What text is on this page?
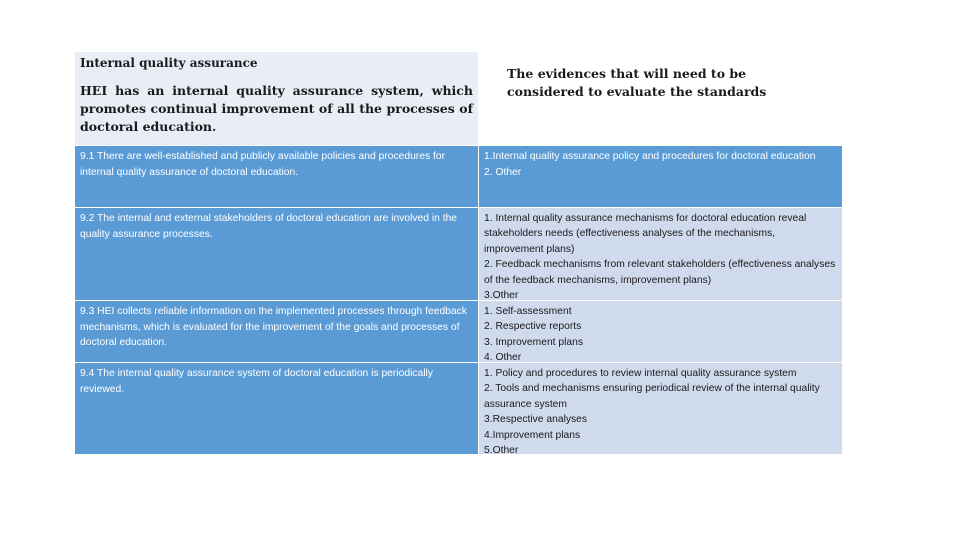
Internal quality assurance
HEI has an internal quality assurance system, which promotes continual improvement of all the processes of doctoral education.
The evidences that will need to be considered to evaluate the standards
9.1 There are well-established and publicly available policies and procedures for internal quality assurance of doctoral education.
1.Internal quality assurance policy and procedures for doctoral education
2. Other
9.2 The internal and external stakeholders of doctoral education are involved in the quality assurance processes.
1. Internal quality assurance mechanisms for doctoral education reveal stakeholders needs (effectiveness analyses of the mechanisms, improvement plans)
2. Feedback mechanisms from relevant stakeholders (effectiveness analyses of the feedback mechanisms, improvement plans)
3.Other
9.3 HEI collects reliable information on the implemented processes through feedback mechanisms, which is evaluated for the improvement of the goals and processes of doctoral education.
1. Self-assessment
2. Respective reports
3. Improvement plans
4. Other
9.4 The internal quality assurance system of doctoral education is periodically reviewed.
1. Policy and procedures to review internal quality assurance system
2. Tools and mechanisms ensuring periodical review of the internal quality assurance system
3.Respective analyses
4.Improvement plans
5.Other
